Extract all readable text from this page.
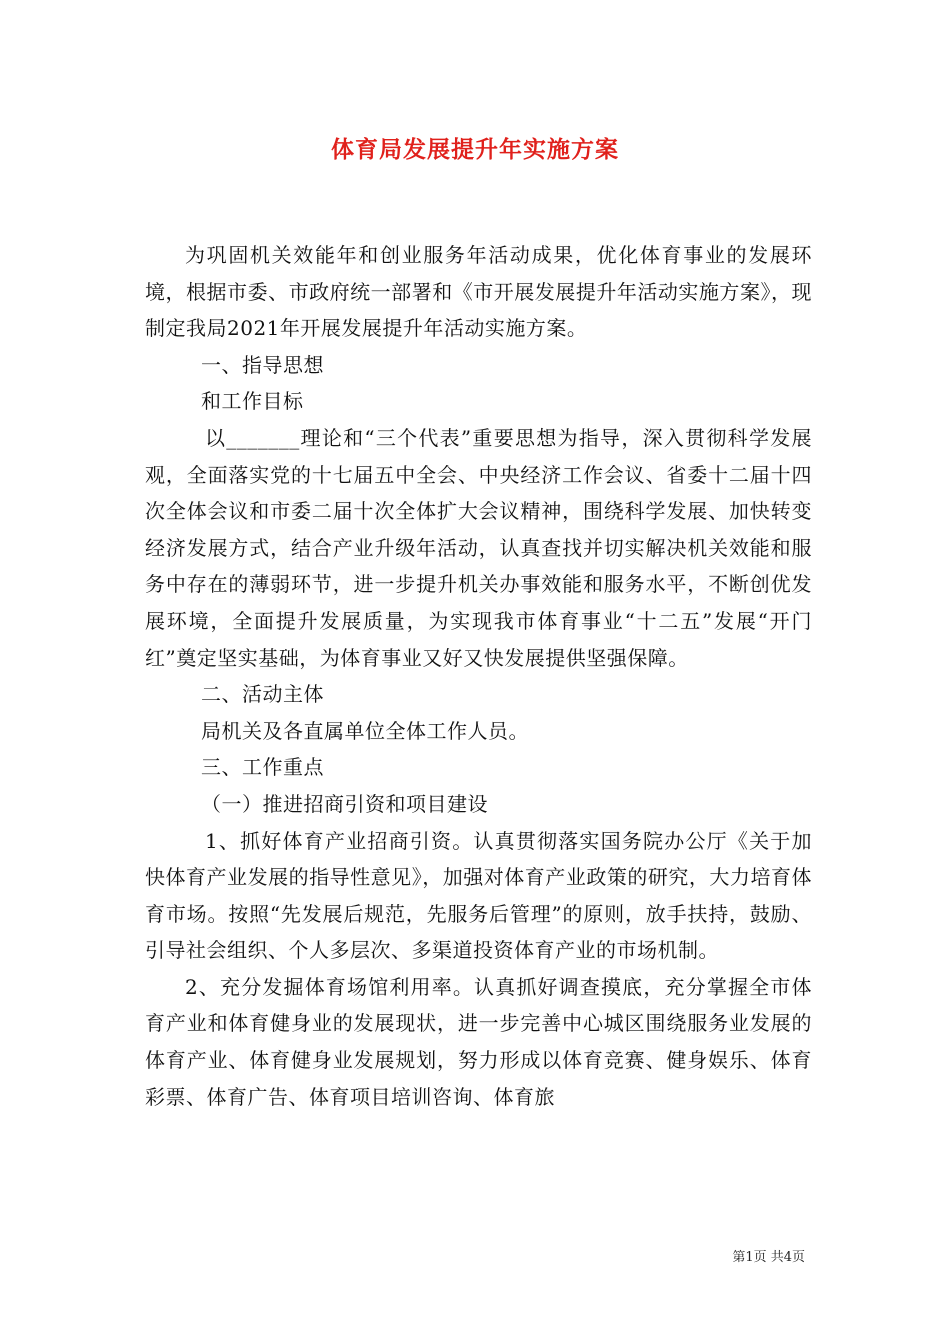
体育局发展提升年实施方案

为巩固机关效能年和创业服务年活动成果，优化体育事业的发展环境，根据市委、市政府统一部署和《市开展发展提升年活动实施方案》，现制定我局2021年开展发展提升年活动实施方案。

一、指导思想

和工作目标

以_______理论和“三个代表”重要思想为指导，深入贯彻科学发展观，全面落实党的十七届五中全会、中央经济工作会议、省委十二届十四次全体会议和市委二届十次全体扩大会议精神，围绕科学发展、加快转变经济发展方式，结合产业升级年活动，认真查找并切实解决机关效能和服务中存在的薄弱环节，进一步提升机关办事效能和服务水平，不断创优发展环境，全面提升发展质量，为实现我市体育事业“十二五”发展“开门红”奠定坚实基础，为体育事业又好又快发展提供坚强保障。

二、活动主体

局机关及各直属单位全体工作人员。

三、工作重点

（一）推进招商引资和项目建设

1、抓好体育产业招商引资。认真贯彻落实国务院办公厅《关于加快体育产业发展的指导性意见》，加强对体育产业政策的研究，大力培育体育市场。按照“先发展后规范，先服务后管理”的原则，放手扶持，鼓励、引导社会组织、个人多层次、多渠道投资体育产业的市场机制。

2、充分发掘体育场馆利用率。认真抓好调查摸底，充分掌握全市体育产业和体育健身业的发展现状，进一步完善中心城区围绕服务业发展的体育产业、体育健身业发展规划，努力形成以体育竞赛、健身娱乐、体育彩票、体育广告、体育项目培训咨询、体育旅

第1页 共4页
